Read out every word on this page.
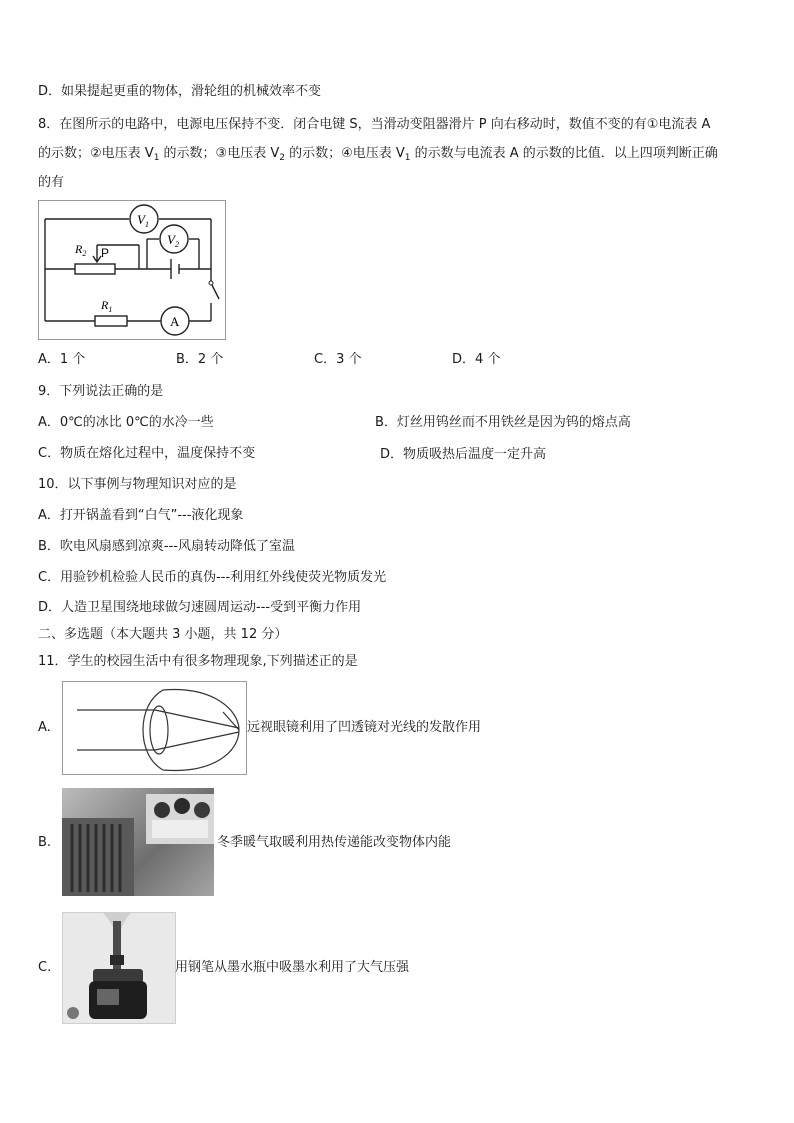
D．如果提起更重的物体，滑轮组的机械效率不变
8．在图所示的电路中，电源电压保持不变．闭合电键 S，当滑动变阻器滑片 P 向右移动时，数值不变的有①电流表 A
的示数；②电压表 $V_1$ 的示数；③电压表 $V_2$ 的示数；④电压表 $V_1$ 的示数与电流表 A 的示数的比值．以上四项判断正确
的有
$V_1$
$V_2$
$R_2$ P
$R_1$
A
A．1 个	B．2 个	C．3 个	D．4 个
9．下列说法正确的是
A．0℃的冰比 0℃的水冷一些	B．灯丝用钨丝而不用铁丝是因为钨的熔点高
C．物质在熔化过程中，温度保持不变	D．物质吸热后温度一定升高
10．以下事例与物理知识对应的是
A．打开锅盖看到“白气”---液化现象
B．吹电风扇感到凉爽---风扇转动降低了室温
C．用验钞机检验人民币的真伪---利用红外线使荧光物质发光
D．人造卫星围绕地球做匀速圆周运动---受到平衡力作用
二、多选题（本大题共 3 小题，共 12 分）
11．学生的校园生活中有很多物理现象,下列描述正的是
A.	远视眼镜利用了凹透镜对光线的发散作用
B.	冬季暖气取暖利用热传递能改变物体内能
C.	用钢笔从墨水瓶中吸墨水利用了大气压强
